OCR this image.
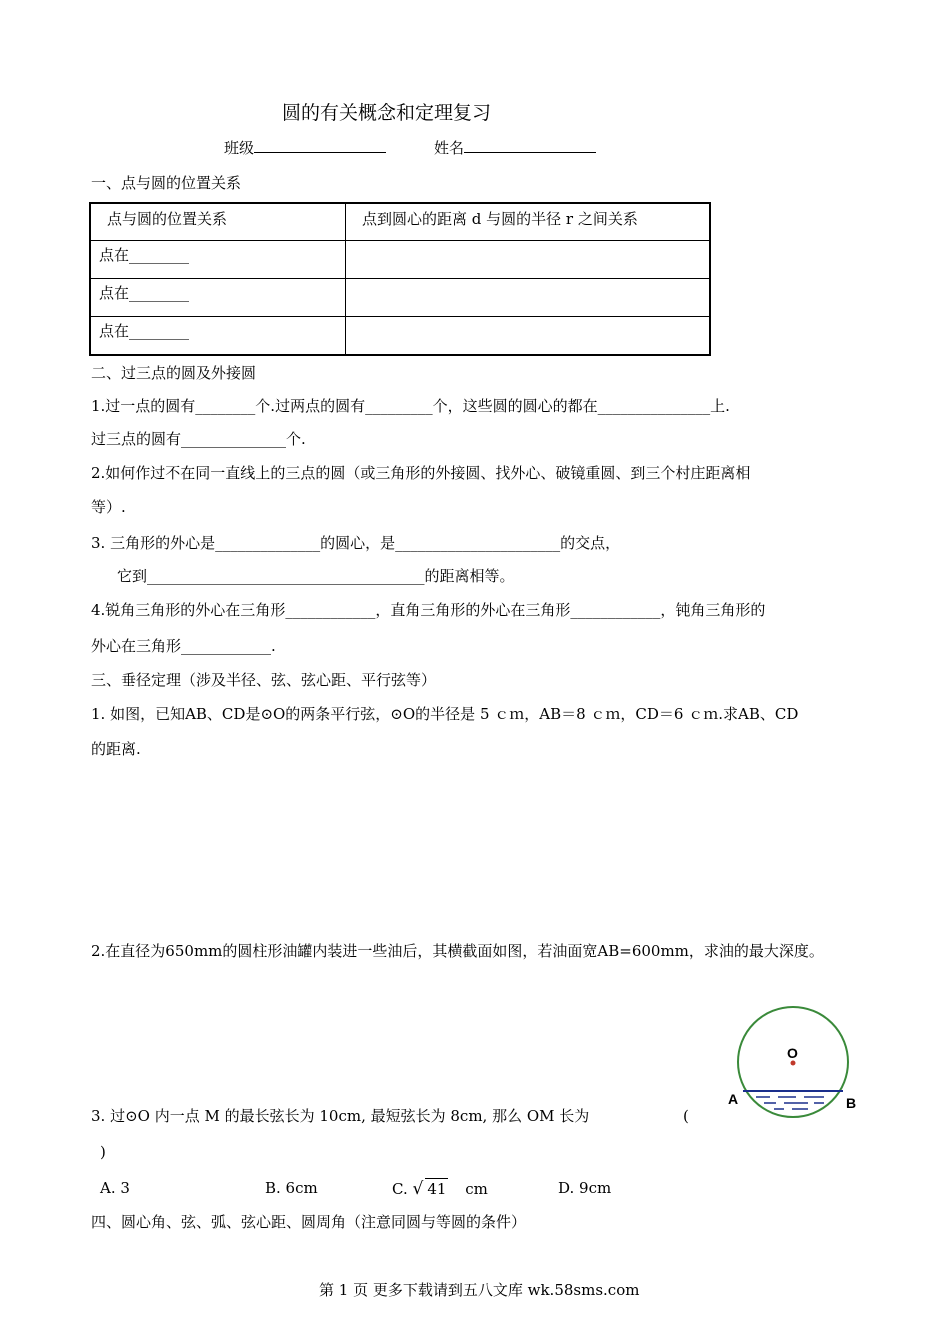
圆的有关概念和定理复习
班级	姓名
一、点与圆的位置关系
点与圆的位置关系	点到圆心的距离 d 与圆的半径 r 之间关系
点在________	
点在________	
点在________	
二、过三点的圆及外接圆
1.过一点的圆有________个.过两点的圆有_________个，这些圆的圆心的都在_______________上.
过三点的圆有______________个.
2.如何作过不在同一直线上的三点的圆（或三角形的外接圆、找外心、破镜重圆、到三个村庄距离相
等）.
3. 三角形的外心是______________的圆心，是______________________的交点，
它到_____________________________________的距离相等。
4.锐角三角形的外心在三角形____________，直角三角形的外心在三角形____________，钝角三角形的
外心在三角形____________.
三、垂径定理（涉及半径、弦、弦心距、平行弦等）
1. 如图，已知AB、CD是⊙O的两条平行弦，⊙O的半径是 5 ｃｍ，AB＝8 ｃｍ，CD＝6 ｃｍ.求AB、CD
的距离.
2.在直径为650mm的圆柱形油罐内装进一些油后，其横截面如图，若油面宽AB=600mm，求油的最大深度。
O
A	B
3. 过⊙O 内一点 M 的最长弦长为 10cm, 最短弦长为 8cm, 那么 OM 长为	(
)
A. 3	B. 6cm	C. √ 41 cm	D. 9cm
四、圆心角、弦、弧、弦心距、圆周角（注意同圆与等圆的条件）
第 1 页 更多下载请到五八文库 wk.58sms.com
